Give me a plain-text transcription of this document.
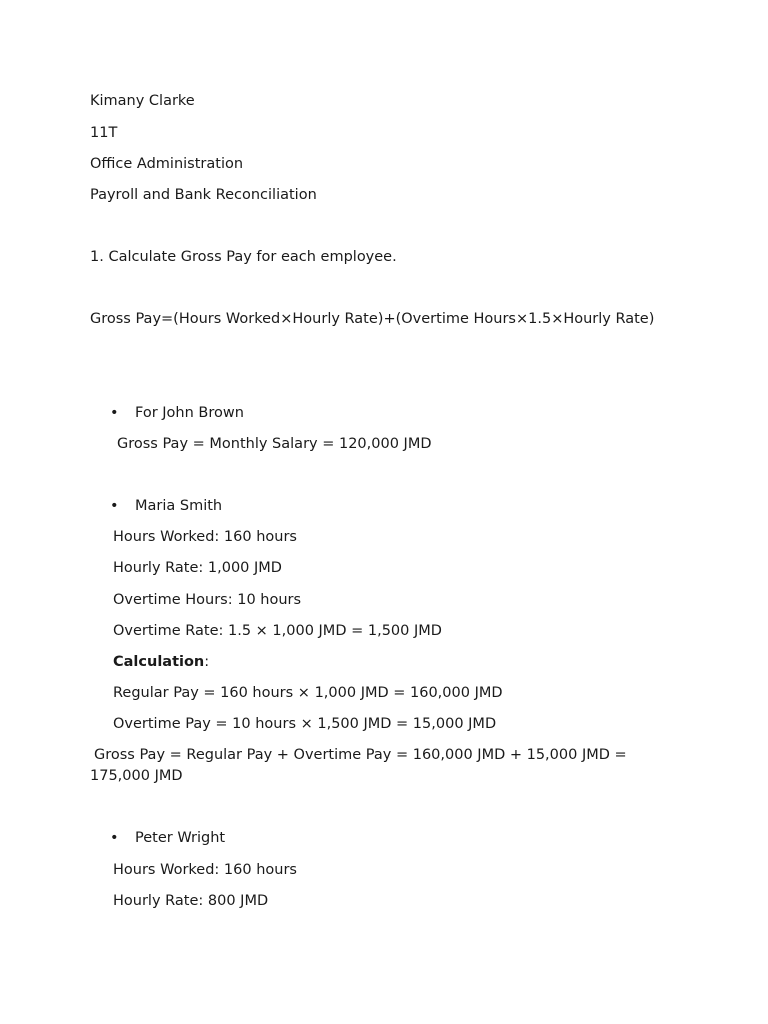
Kimany Clarke
11T
Office Administration
Payroll and Bank Reconciliation
1. Calculate Gross Pay for each employee.
Gross Pay=(Hours Worked×Hourly Rate)+(Overtime Hours×1.5×Hourly Rate)
• For John Brown
Gross Pay = Monthly Salary = 120,000 JMD
• Maria Smith
Hours Worked: 160 hours
Hourly Rate: 1,000 JMD
Overtime Hours: 10 hours
Overtime Rate: 1.5 × 1,000 JMD = 1,500 JMD
Calculation:
Regular Pay = 160 hours × 1,000 JMD = 160,000 JMD
Overtime Pay = 10 hours × 1,500 JMD = 15,000 JMD
Gross Pay = Regular Pay + Overtime Pay = 160,000 JMD + 15,000 JMD = 175,000 JMD
• Peter Wright
Hours Worked: 160 hours
Hourly Rate: 800 JMD
